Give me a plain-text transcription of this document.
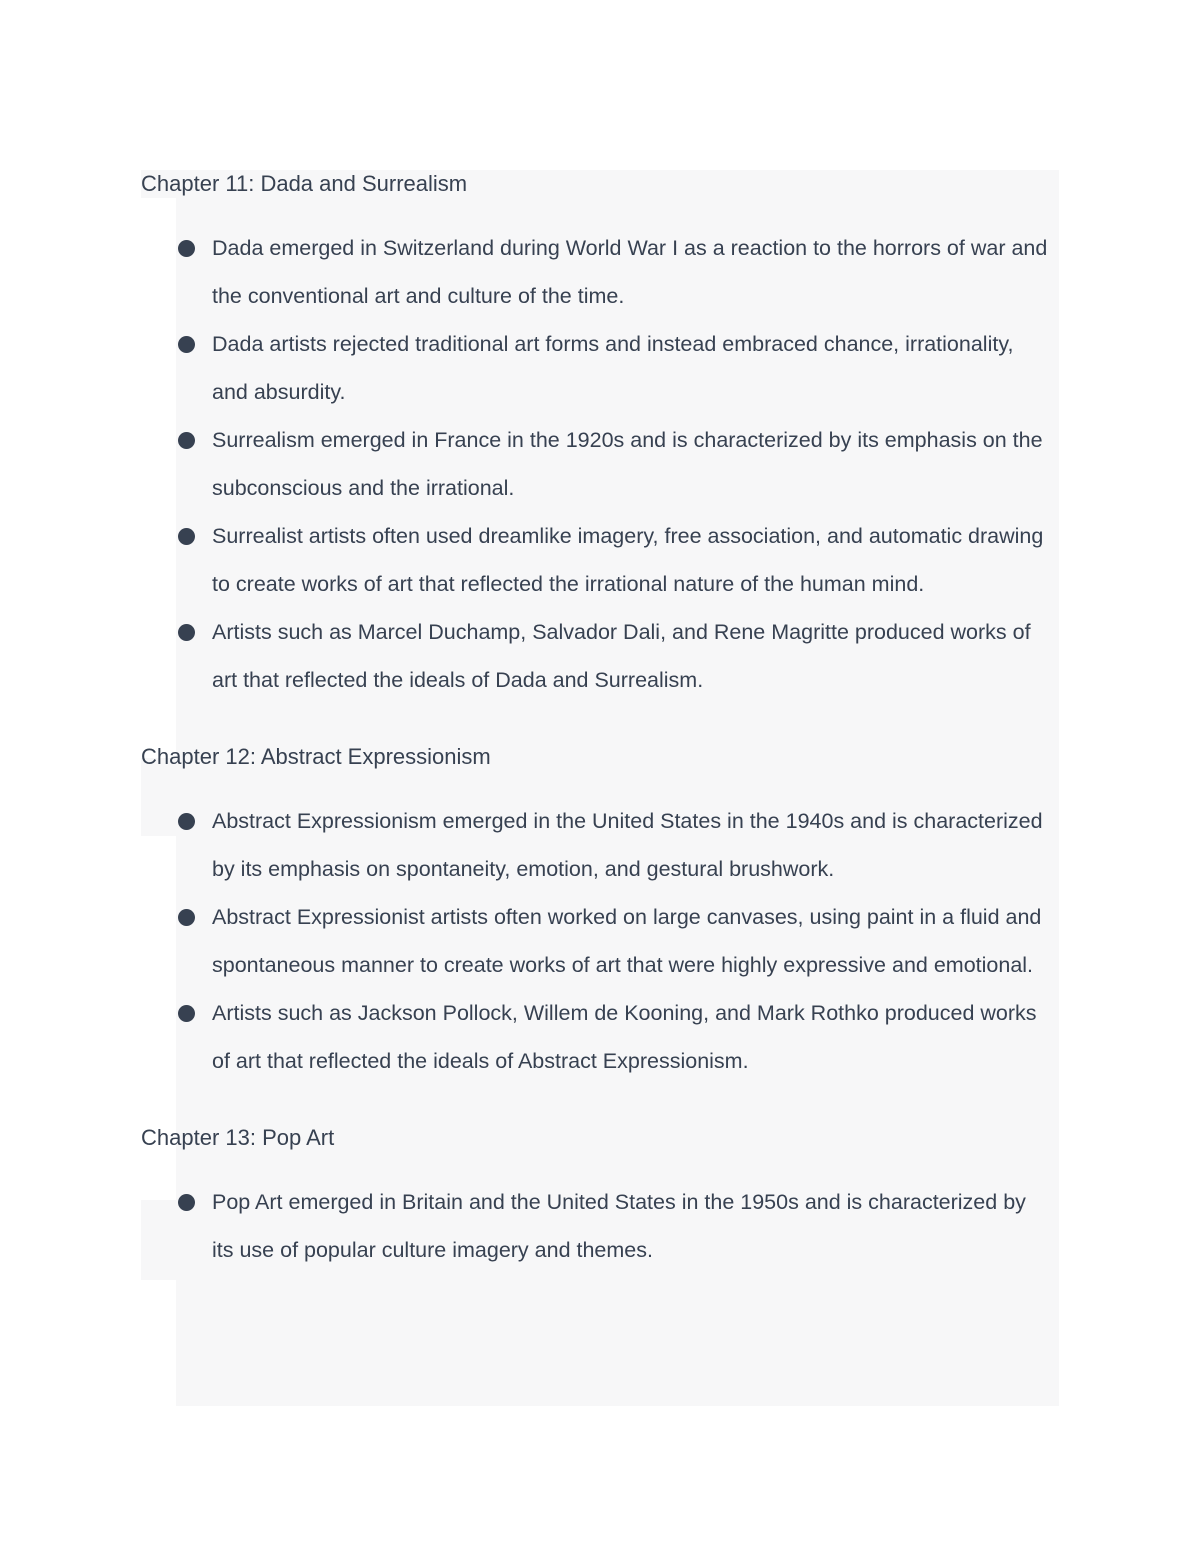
Chapter 11: Dada and Surrealism
Dada emerged in Switzerland during World War I as a reaction to the horrors of war and the conventional art and culture of the time.
Dada artists rejected traditional art forms and instead embraced chance, irrationality, and absurdity.
Surrealism emerged in France in the 1920s and is characterized by its emphasis on the subconscious and the irrational.
Surrealist artists often used dreamlike imagery, free association, and automatic drawing to create works of art that reflected the irrational nature of the human mind.
Artists such as Marcel Duchamp, Salvador Dali, and Rene Magritte produced works of art that reflected the ideals of Dada and Surrealism.
Chapter 12: Abstract Expressionism
Abstract Expressionism emerged in the United States in the 1940s and is characterized by its emphasis on spontaneity, emotion, and gestural brushwork.
Abstract Expressionist artists often worked on large canvases, using paint in a fluid and spontaneous manner to create works of art that were highly expressive and emotional.
Artists such as Jackson Pollock, Willem de Kooning, and Mark Rothko produced works of art that reflected the ideals of Abstract Expressionism.
Chapter 13: Pop Art
Pop Art emerged in Britain and the United States in the 1950s and is characterized by its use of popular culture imagery and themes.
